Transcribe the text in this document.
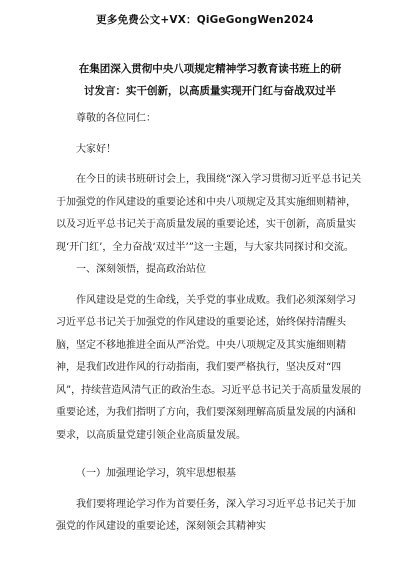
更多免费公文+VX：QiGeGongWen2024
在集团深入贯彻中央八项规定精神学习教育读书班上的研
讨发言：实干创新，以高质量实现开门红与奋战双过半

尊敬的各位同仁：

大家好！

在今日的读书班研讨会上，我围绕“深入学习贯彻习近平总书记关于加强党的作风建设的重要论述和中央八项规定及其实施细则精神，以及习近平总书记关于高质量发展的重要论述，实干创新，高质量实现‘开门红’，全力奋战‘双过半’”这一主题，与大家共同探讨和交流。

一、深刻领悟，提高政治站位

作风建设是党的生命线，关乎党的事业成败。我们必须深刻学习习近平总书记关于加强党的作风建设的重要论述，始终保持清醒头脑，坚定不移地推进全面从严治党。中央八项规定及其实施细则精神，是我们改进作风的行动指南，我们要严格执行，坚决反对“四风”，持续营造风清气正的政治生态。习近平总书记关于高质量发展的重要论述，为我们指明了方向，我们要深刻理解高质量发展的内涵和要求，以高质量党建引领企业高质量发展。

（一）加强理论学习，筑牢思想根基

我们要将理论学习作为首要任务，深入学习习近平总书记关于加强党的作风建设的重要论述，深刻领会其精神实
